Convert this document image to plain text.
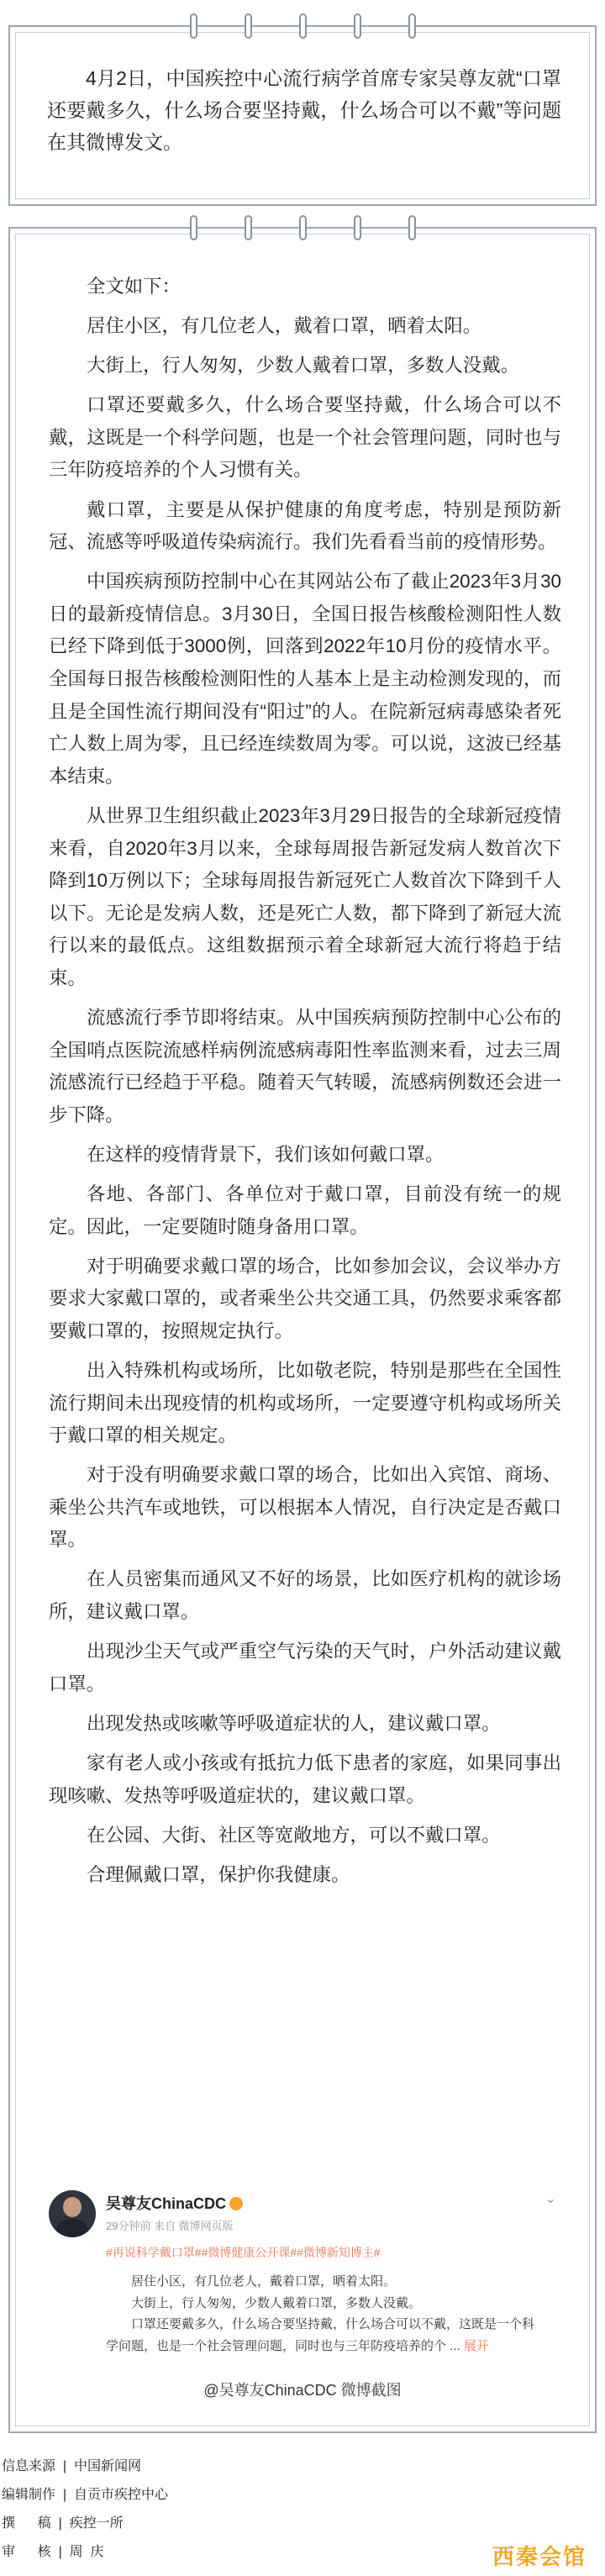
4月2日，中国疾控中心流行病学首席专家吴尊友就“口罩还要戴多久，什么场合要坚持戴，什么场合可以不戴”等问题在其微博发文。

全文如下：

居住小区，有几位老人，戴着口罩，晒着太阳。

大街上，行人匆匆，少数人戴着口罩，多数人没戴。

口罩还要戴多久，什么场合要坚持戴，什么场合可以不戴，这既是一个科学问题，也是一个社会管理问题，同时也与三年防疫培养的个人习惯有关。

戴口罩，主要是从保护健康的角度考虑，特别是预防新冠、流感等呼吸道传染病流行。我们先看看当前的疫情形势。

中国疾病预防控制中心在其网站公布了截止2023年3月30日的最新疫情信息。3月30日，全国日报告核酸检测阳性人数已经下降到低于3000例，回落到2022年10月份的疫情水平。全国每日报告核酸检测阳性的人基本上是主动检测发现的，而且是全国性流行期间没有“阳过”的人。在院新冠病毒感染者死亡人数上周为零，且已经连续数周为零。可以说，这波已经基本结束。

从世界卫生组织截止2023年3月29日报告的全球新冠疫情来看，自2020年3月以来，全球每周报告新冠发病人数首次下降到10万例以下；全球每周报告新冠死亡人数首次下降到千人以下。无论是发病人数，还是死亡人数，都下降到了新冠大流行以来的最低点。这组数据预示着全球新冠大流行将趋于结束。

流感流行季节即将结束。从中国疾病预防控制中心公布的全国哨点医院流感样病例流感病毒阳性率监测来看，过去三周流感流行已经趋于平稳。随着天气转暖，流感病例数还会进一步下降。

在这样的疫情背景下，我们该如何戴口罩。

各地、各部门、各单位对于戴口罩，目前没有统一的规定。因此，一定要随时随身备用口罩。

对于明确要求戴口罩的场合，比如参加会议，会议举办方要求大家戴口罩的，或者乘坐公共交通工具，仍然要求乘客都要戴口罩的，按照规定执行。

出入特殊机构或场所，比如敬老院，特别是那些在全国性流行期间未出现疫情的机构或场所，一定要遵守机构或场所关于戴口罩的相关规定。

对于没有明确要求戴口罩的场合，比如出入宾馆、商场、乘坐公共汽车或地铁，可以根据本人情况，自行决定是否戴口罩。

在人员密集而通风又不好的场景，比如医疗机构的就诊场所，建议戴口罩。

出现沙尘天气或严重空气污染的天气时，户外活动建议戴口罩。

出现发热或咳嗽等呼吸道症状的人，建议戴口罩。

家有老人或小孩或有抵抗力低下患者的家庭，如果同事出现咳嗽、发热等呼吸道症状的，建议戴口罩。

在公园、大街、社区等宽敞地方，可以不戴口罩。

合理佩戴口罩，保护你我健康。

吴尊友ChinaCDC
29分钟前 来自 微博网页版
⌄
#再说科学戴口罩##微博健康公开课##微博新知博主#
居住小区，有几位老人，戴着口罩，晒着太阳。
大街上，行人匆匆，少数人戴着口罩，多数人没戴。
口罩还要戴多久，什么场合要坚持戴，什么场合可以不戴，这既是一个科学问题，也是一个社会管理问题，同时也与三年防疫培养的个 ... 展开
@吴尊友ChinaCDC 微博截图
信息来源  |  中国新闻网
编辑制作  |  自贡市疾控中心
撰      稿  |  疾控一所
审      核  |  周  庆	西秦会馆
